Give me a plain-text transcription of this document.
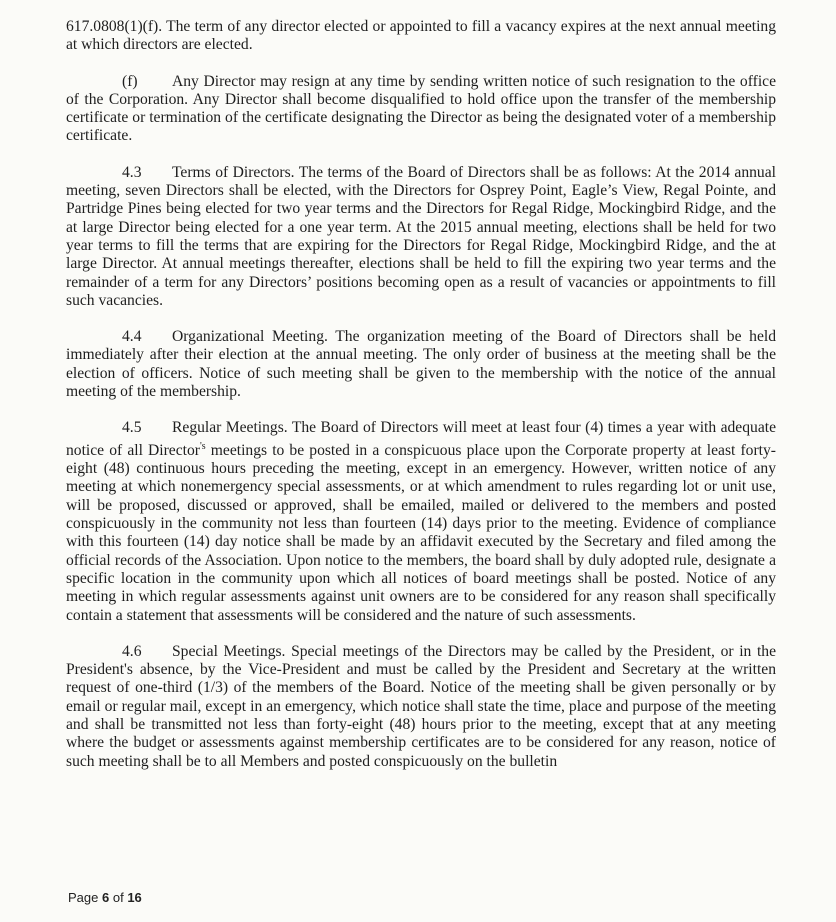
617.0808(1)(f). The term of any director elected or appointed to fill a vacancy expires at the next annual meeting at which directors are elected.

(f) Any Director may resign at any time by sending written notice of such resignation to the office of the Corporation. Any Director shall become disqualified to hold office upon the transfer of the membership certificate or termination of the certificate designating the Director as being the designated voter of a membership certificate.

4.3 Terms of Directors. The terms of the Board of Directors shall be as follows: At the 2014 annual meeting, seven Directors shall be elected, with the Directors for Osprey Point, Eagle’s View, Regal Pointe, and Partridge Pines being elected for two year terms and the Directors for Regal Ridge, Mockingbird Ridge, and the at large Director being elected for a one year term. At the 2015 annual meeting, elections shall be held for two year terms to fill the terms that are expiring for the Directors for Regal Ridge, Mockingbird Ridge, and the at large Director. At annual meetings thereafter, elections shall be held to fill the expiring two year terms and the remainder of a term for any Directors’ positions becoming open as a result of vacancies or appointments to fill such vacancies.

4.4 Organizational Meeting. The organization meeting of the Board of Directors shall be held immediately after their election at the annual meeting. The only order of business at the meeting shall be the election of officers. Notice of such meeting shall be given to the membership with the notice of the annual meeting of the membership.

4.5 Regular Meetings. The Board of Directors will meet at least four (4) times a year with adequate notice of all Director$^{'s}$ meetings to be posted in a conspicuous place upon the Corporate property at least forty-eight (48) continuous hours preceding the meeting, except in an emergency. However, written notice of any meeting at which nonemergency special assessments, or at which amendment to rules regarding lot or unit use, will be proposed, discussed or approved, shall be emailed, mailed or delivered to the members and posted conspicuously in the community not less than fourteen (14) days prior to the meeting. Evidence of compliance with this fourteen (14) day notice shall be made by an affidavit executed by the Secretary and filed among the official records of the Association. Upon notice to the members, the board shall by duly adopted rule, designate a specific location in the community upon which all notices of board meetings shall be posted. Notice of any meeting in which regular assessments against unit owners are to be considered for any reason shall specifically contain a statement that assessments will be considered and the nature of such assessments.

4.6 Special Meetings. Special meetings of the Directors may be called by the President, or in the President's absence, by the Vice-President and must be called by the President and Secretary at the written request of one-third (1/3) of the members of the Board. Notice of the meeting shall be given personally or by email or regular mail, except in an emergency, which notice shall state the time, place and purpose of the meeting and shall be transmitted not less than forty-eight (48) hours prior to the meeting, except that at any meeting where the budget or assessments against membership certificates are to be considered for any reason, notice of such meeting shall be to all Members and posted conspicuously on the bulletin

Page 6 of 16
